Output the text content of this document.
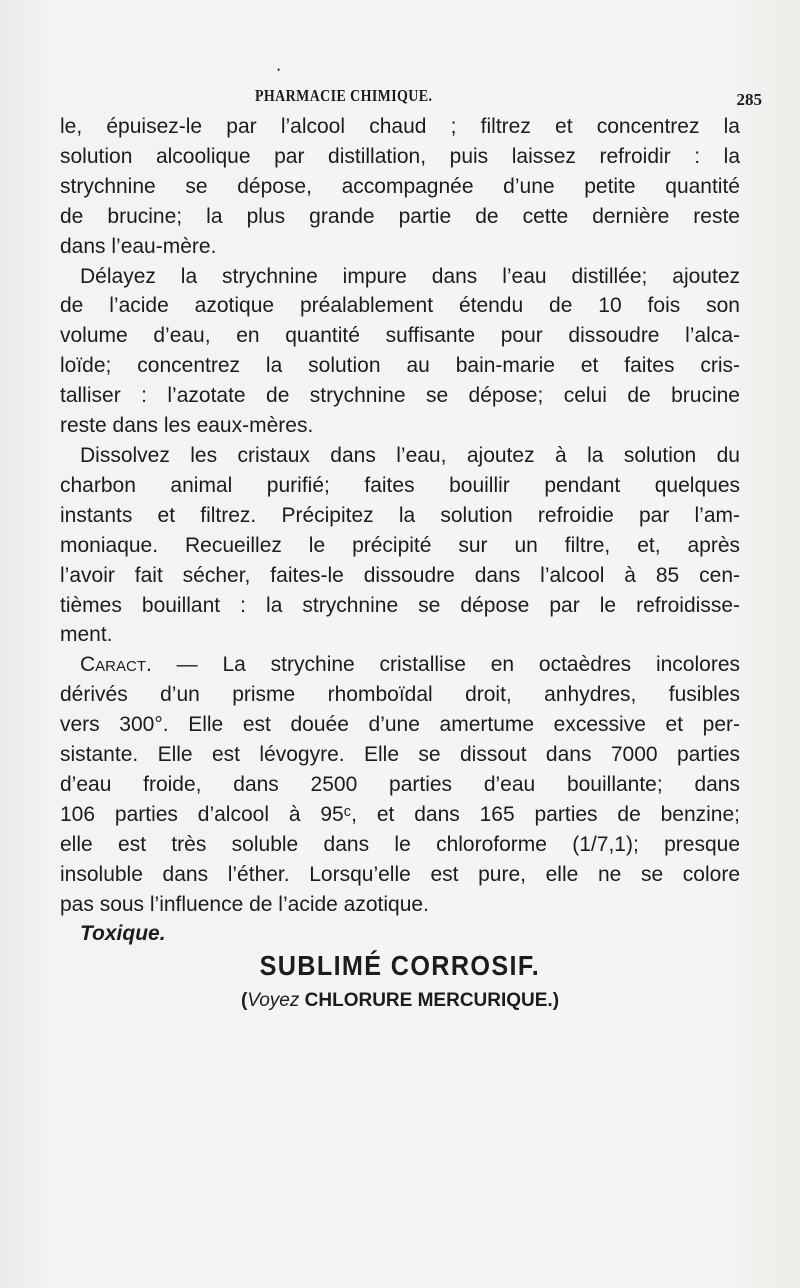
•
PHARMACIE CHIMIQUE.	285

le, épuisez-le par l’alcool chaud ; filtrez et concentrez la
solution alcoolique par distillation, puis laissez refroidir : la
strychnine se dépose, accompagnée d’une petite quantité
de brucine; la plus grande partie de cette dernière reste
dans l’eau-mère.

Délayez la strychnine impure dans l’eau distillée; ajoutez
de l’acide azotique préalablement étendu de 10 fois son
volume d’eau, en quantité suffisante pour dissoudre l’alca-
loïde; concentrez la solution au bain-marie et faites cris-
talliser : l’azotate de strychnine se dépose; celui de brucine
reste dans les eaux-mères.

Dissolvez les cristaux dans l’eau, ajoutez à la solution du
charbon animal purifié; faites bouillir pendant quelques
instants et filtrez. Précipitez la solution refroidie par l’am-
moniaque. Recueillez le précipité sur un filtre, et, après
l’avoir fait sécher, faites-le dissoudre dans l’alcool à 85 cen-
tièmes bouillant : la strychnine se dépose par le refroidisse-
ment.

Caract. — La strychine cristallise en octaèdres incolores
dérivés d’un prisme rhomboïdal droit, anhydres, fusibles
vers 300°. Elle est douée d’une amertume excessive et per-
sistante. Elle est lévogyre. Elle se dissout dans 7000 parties
d’eau froide, dans 2500 parties d’eau bouillante; dans
106 parties d’alcool à 95ᶜ, et dans 165 parties de benzine;
elle est très soluble dans le chloroforme (1/7,1); presque
insoluble dans l’éther. Lorsqu’elle est pure, elle ne se colore
pas sous l’influence de l’acide azotique.

Toxique.

SUBLIMÉ CORROSIF.
(Voyez CHLORURE MERCURIQUE.)
